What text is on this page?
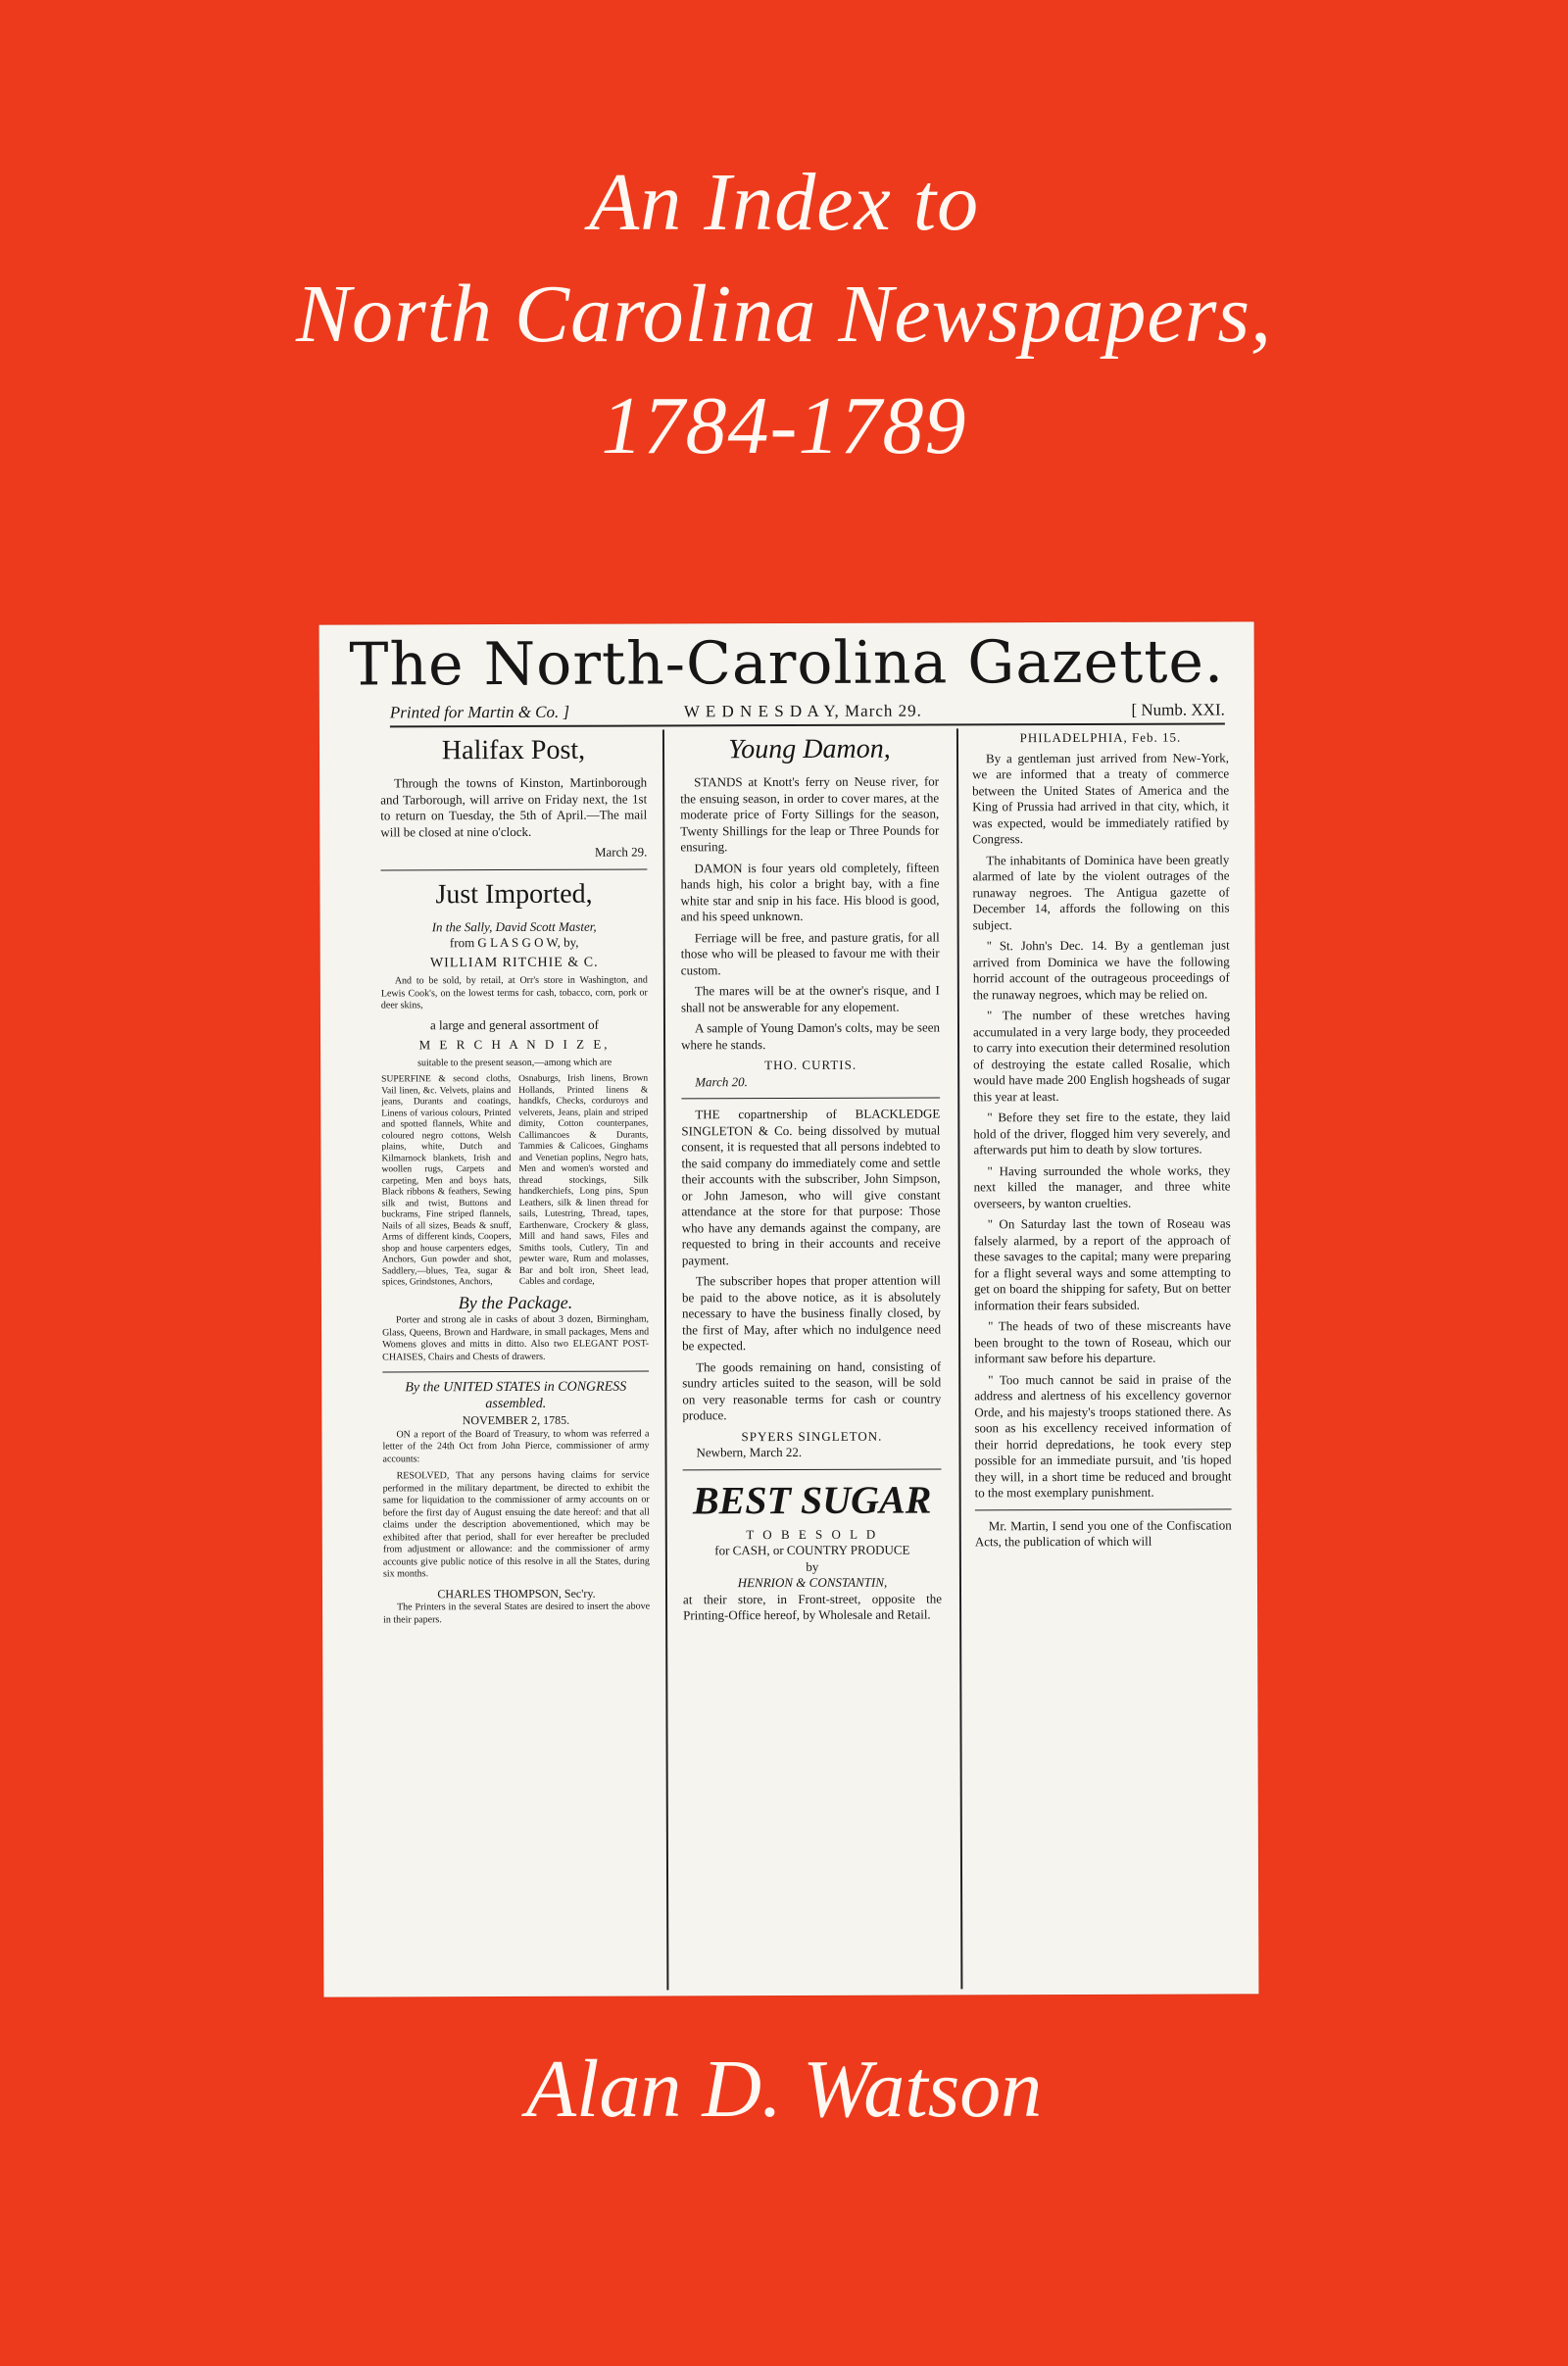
An Index to
North Carolina Newspapers,
1784-1789
The North-Carolina Gazette.
Printed for Martin & Co. ]	W E D N E S D A Y, March 29.	[ Numb. XXI.
Halifax Post,

Through the towns of Kinston, Martinborough and Tarborough, will arrive on Friday next, the 1st to return on Tuesday, the 5th of April.—The mail will be closed at nine o'clock.

March 29.

Just Imported,
In the Sally, David Scott Master,
from G L A S G O W, by,
WILLIAM RITCHIE & C.

And to be sold, by retail, at Orr's store in Washington, and Lewis Cook's, on the lowest terms for cash, tobacco, corn, pork or deer skins,

a large and general assortment of
M E R C H A N D I Z E,

suitable to the present season,—among which are

SUPERFINE & second cloths, Vail linen, &c. Velvets, plains and jeans, Durants and coatings, Linens of various colours, Printed and spotted flannels, White and coloured negro cottons, Welsh plains, white, Dutch and Kilmarnock blankets, Irish and woollen rugs, Carpets and carpeting, Men and boys hats, Black ribbons & feathers, Sewing silk and twist, Buttons and buckrams, Fine striped flannels, Nails of all sizes, Beads & snuff, Arms of different kinds, Coopers, shop and house carpenters edges, Anchors, Gun powder and shot, Saddlery,—blues, Tea, sugar & spices, Grindstones, Anchors,
Osnaburgs, Irish linens, Brown Hollands, Printed linens & handkfs, Checks, corduroys and velverets, Jeans, plain and striped dimity, Cotton counterpanes, Callimancoes & Durants, Tammies & Calicoes, Ginghams and Venetian poplins, Negro hats, Men and women's worsted and thread stockings, Silk handkerchiefs, Long pins, Spun Leathers, silk & linen thread for sails, Lutestring, Thread, tapes, Earthenware, Crockery & glass, Mill and hand saws, Files and Smiths tools, Cutlery, Tin and pewter ware, Rum and molasses, Bar and bolt iron, Sheet lead, Cables and cordage,
By the Package.

Porter and strong ale in casks of about 3 dozen, Birmingham, Glass, Queens, Brown and Hardware, in small packages, Mens and Womens gloves and mitts in ditto. Also two ELEGANT POST-CHAISES, Chairs and Chests of drawers.

By the UNITED STATES in CONGRESS assembled.
NOVEMBER 2, 1785.

ON a report of the Board of Treasury, to whom was referred a letter of the 24th Oct from John Pierce, commissioner of army accounts:

RESOLVED, That any persons having claims for service performed in the military department, be directed to exhibit the same for liquidation to the commissioner of army accounts on or before the first day of August ensuing the date hereof: and that all claims under the description abovementioned, which may be exhibited after that period, shall for ever hereafter be precluded from adjustment or allowance: and the commissioner of army accounts give public notice of this resolve in all the States, during six months.

CHARLES THOMPSON, Sec'ry.

The Printers in the several States are desired to insert the above in their papers.

Young Damon,

STANDS at Knott's ferry on Neuse river, for the ensuing season, in order to cover mares, at the moderate price of Forty Sillings for the season, Twenty Shillings for the leap or Three Pounds for ensuring.

DAMON is four years old completely, fifteen hands high, his color a bright bay, with a fine white star and snip in his face. His blood is good, and his speed unknown.

Ferriage will be free, and pasture gratis, for all those who will be pleased to favour me with their custom.

The mares will be at the owner's risque, and I shall not be answerable for any elopement.

A sample of Young Damon's colts, may be seen where he stands.

THO. CURTIS.
March 20.

THE copartnership of BLACKLEDGE SINGLETON & Co. being dissolved by mutual consent, it is requested that all persons indebted to the said company do immediately come and settle their accounts with the subscriber, John Simpson, or John Jameson, who will give constant attendance at the store for that purpose: Those who have any demands against the company, are requested to bring in their accounts and receive payment.

The subscriber hopes that proper attention will be paid to the above notice, as it is absolutely necessary to have the business finally closed, by the first of May, after which no indulgence need be expected.

The goods remaining on hand, consisting of sundry articles suited to the season, will be sold on very reasonable terms for cash or country produce.

SPYERS SINGLETON.
Newbern, March 22.
BEST SUGAR
T O B E S O L D
for CASH, or COUNTRY PRODUCE
by
HENRION & CONSTANTIN,

at their store, in Front-street, opposite the Printing-Office hereof, by Wholesale and Retail.

PHILADELPHIA, Feb. 15.

By a gentleman just arrived from New-York, we are informed that a treaty of commerce between the United States of America and the King of Prussia had arrived in that city, which, it was expected, would be immediately ratified by Congress.

The inhabitants of Dominica have been greatly alarmed of late by the violent outrages of the runaway negroes. The Antigua gazette of December 14, affords the following on this subject.

" St. John's Dec. 14. By a gentleman just arrived from Dominica we have the following horrid account of the outrageous proceedings of the runaway negroes, which may be relied on.

" The number of these wretches having accumulated in a very large body, they proceeded to carry into execution their determined resolution of destroying the estate called Rosalie, which would have made 200 English hogsheads of sugar this year at least.

" Before they set fire to the estate, they laid hold of the driver, flogged him very severely, and afterwards put him to death by slow tortures.

" Having surrounded the whole works, they next killed the manager, and three white overseers, by wanton cruelties.

" On Saturday last the town of Roseau was falsely alarmed, by a report of the approach of these savages to the capital; many were preparing for a flight several ways and some attempting to get on board the shipping for safety, But on better information their fears subsided.

" The heads of two of these miscreants have been brought to the town of Roseau, which our informant saw before his departure.

" Too much cannot be said in praise of the address and alertness of his excellency governor Orde, and his majesty's troops stationed there. As soon as his excellency received information of their horrid depredations, he took every step possible for an immediate pursuit, and 'tis hoped they will, in a short time be reduced and brought to the most exemplary punishment.

Mr. Martin, I send you one of the Confiscation Acts, the publication of which will

Alan D. Watson
